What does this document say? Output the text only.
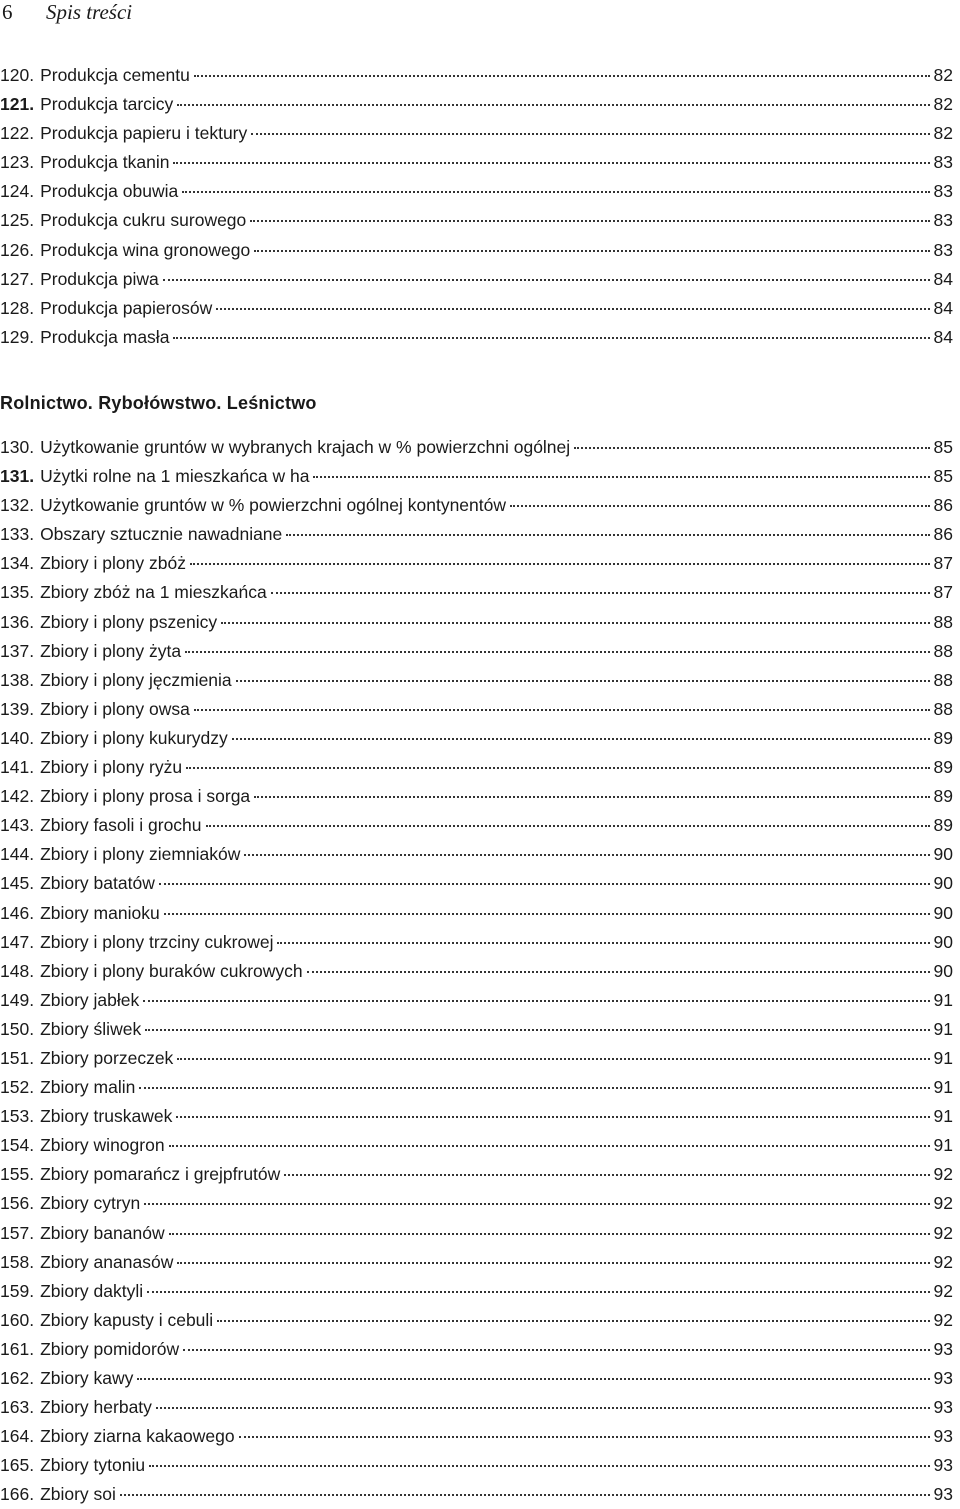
6	Spis treści
120. Produkcja cementu	82
121. Produkcja tarcicy	82
122. Produkcja papieru i tektury	82
123. Produkcja tkanin	83
124. Produkcja obuwia	83
125. Produkcja cukru surowego	83
126. Produkcja wina gronowego	83
127. Produkcja piwa	84
128. Produkcja papierosów	84
129. Produkcja masła	84
Rolnictwo. Rybołówstwo. Leśnictwo
130. Użytkowanie gruntów w wybranych krajach w % powierzchni ogólnej	85
131. Użytki rolne na 1 mieszkańca w ha	85
132. Użytkowanie gruntów w % powierzchni ogólnej kontynentów	86
133. Obszary sztucznie nawadniane	86
134. Zbiory i plony zbóż	87
135. Zbiory zbóż na 1 mieszkańca	87
136. Zbiory i plony pszenicy	88
137. Zbiory i plony żyta	88
138. Zbiory i plony jęczmienia	88
139. Zbiory i plony owsa	88
140. Zbiory i plony kukurydzy	89
141. Zbiory i plony ryżu	89
142. Zbiory i plony prosa i sorga	89
143. Zbiory fasoli i grochu	89
144. Zbiory i plony ziemniaków	90
145. Zbiory batatów	90
146. Zbiory manioku	90
147. Zbiory i plony trzciny cukrowej	90
148. Zbiory i plony buraków cukrowych	90
149. Zbiory jabłek	91
150. Zbiory śliwek	91
151. Zbiory porzeczek	91
152. Zbiory malin	91
153. Zbiory truskawek	91
154. Zbiory winogron	91
155. Zbiory pomarańcz i grejpfrutów	92
156. Zbiory cytryn	92
157. Zbiory bananów	92
158. Zbiory ananasów	92
159. Zbiory daktyli	92
160. Zbiory kapusty i cebuli	92
161. Zbiory pomidorów	93
162. Zbiory kawy	93
163. Zbiory herbaty	93
164. Zbiory ziarna kakaowego	93
165. Zbiory tytoniu	93
166. Zbiory soi	93
